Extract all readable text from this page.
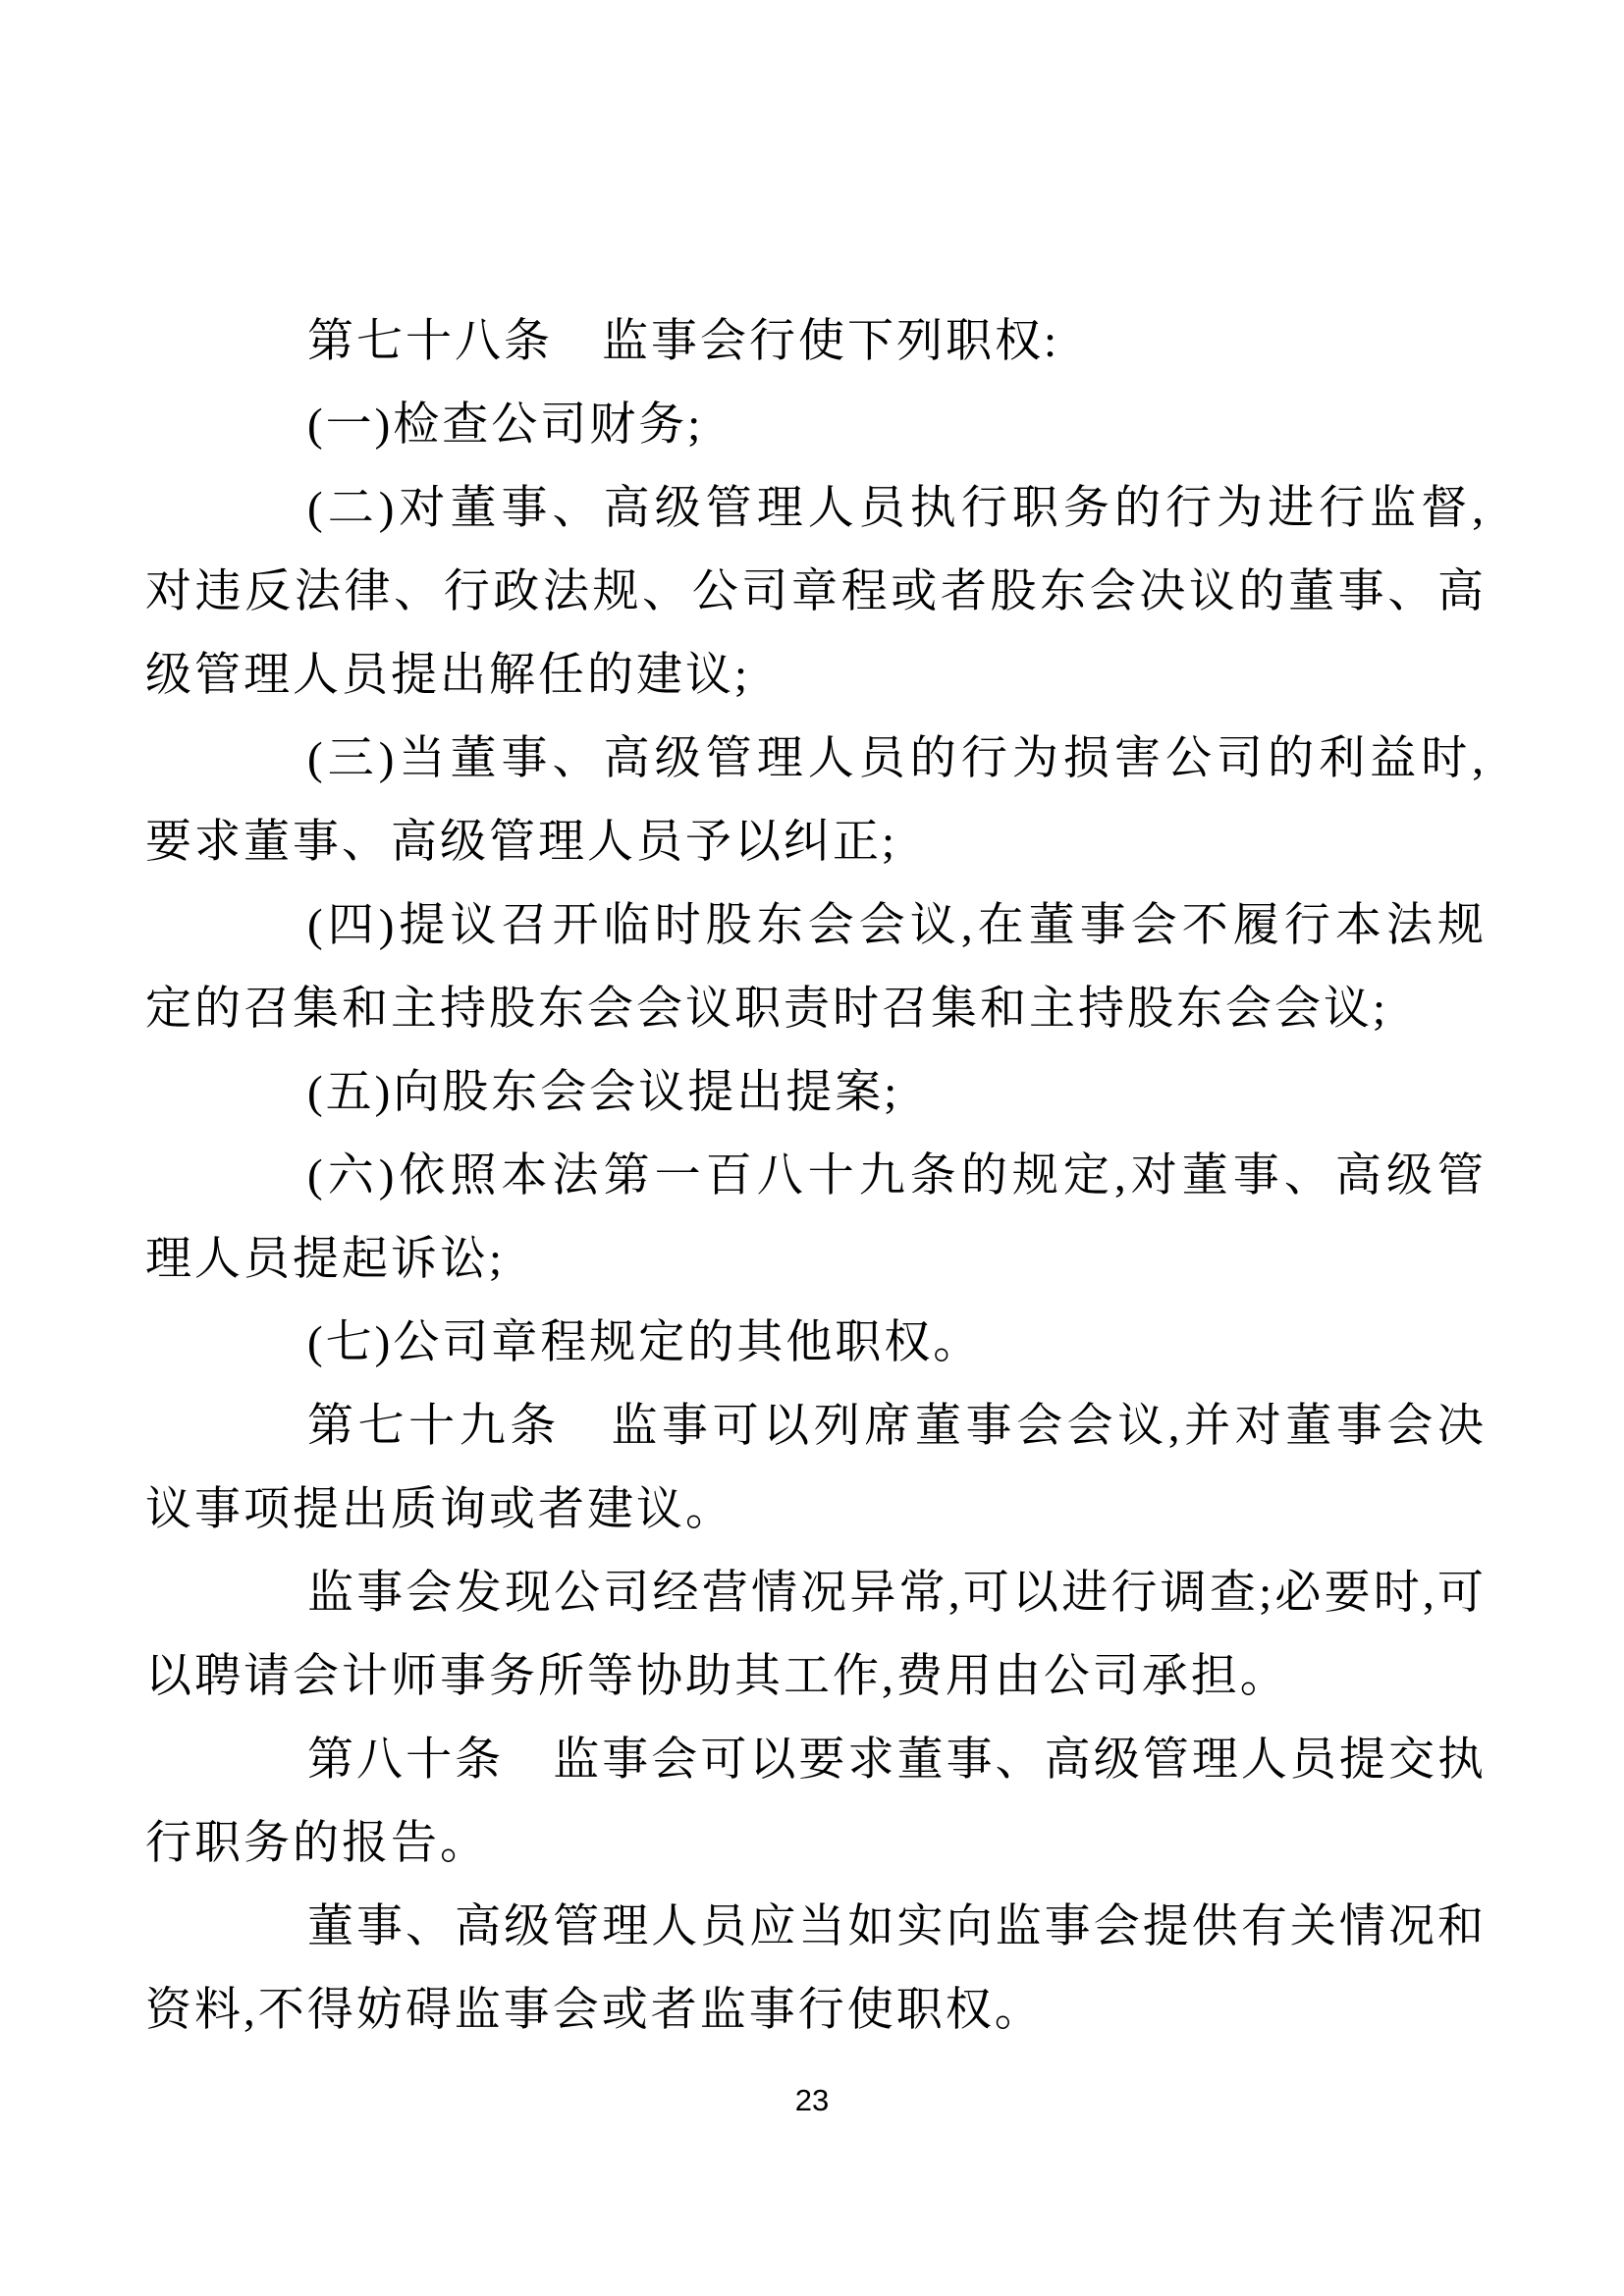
第七十八条　监事会行使下列职权:

(一)检查公司财务;

(二)对董事、高级管理人员执行职务的行为进行监督,对违反法律、行政法规、公司章程或者股东会决议的董事、高级管理人员提出解任的建议;

(三)当董事、高级管理人员的行为损害公司的利益时,要求董事、高级管理人员予以纠正;

(四)提议召开临时股东会会议,在董事会不履行本法规定的召集和主持股东会会议职责时召集和主持股东会会议;

(五)向股东会会议提出提案;

(六)依照本法第一百八十九条的规定,对董事、高级管理人员提起诉讼;

(七)公司章程规定的其他职权。

第七十九条　监事可以列席董事会会议,并对董事会决议事项提出质询或者建议。

监事会发现公司经营情况异常,可以进行调查;必要时,可以聘请会计师事务所等协助其工作,费用由公司承担。

第八十条　监事会可以要求董事、高级管理人员提交执行职务的报告。

董事、高级管理人员应当如实向监事会提供有关情况和资料,不得妨碍监事会或者监事行使职权。

23
